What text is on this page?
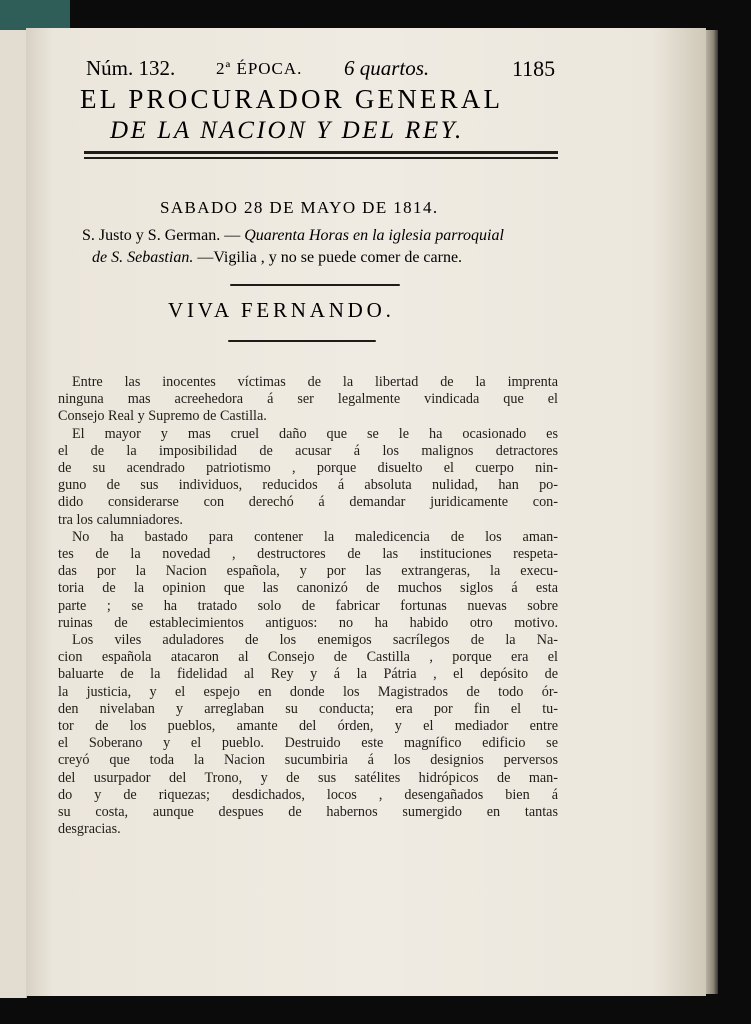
Núm. 132. 2ª ÉPOCA. 6 quartos.	1185
EL PROCURADOR GENERAL
DE LA NACION Y DEL REY.
SABADO 28 DE MAYO DE 1814.
S. Justo y S. German. — Quarenta Horas en la iglesia parroquial
de S. Sebastian. —Vigilia , y no se puede comer de carne.
VIVA FERNANDO.
Entre las inocentes víctimas de la libertad de la imprenta
ninguna mas acreehedora á ser legalmente vindicada que el
Consejo Real y Supremo de Castilla.
El mayor y mas cruel daño que se le ha ocasionado es
el de la imposibilidad de acusar á los malignos detractores
de su acendrado patriotismo , porque disuelto el cuerpo nin-
guno de sus individuos, reducidos á absoluta nulidad, han po-
dido considerarse con derechó á demandar juridicamente con-
tra los calumniadores.
No ha bastado para contener la maledicencia de los aman-
tes de la novedad , destructores de las instituciones respeta-
das por la Nacion española, y por las extrangeras, la execu-
toria de la opinion que las canonizó de muchos siglos á esta
parte ; se ha tratado solo de fabricar fortunas nuevas sobre
ruinas de establecimientos antiguos: no ha habido otro motivo.
Los viles aduladores de los enemigos sacrílegos de la Na-
cion española atacaron al Consejo de Castilla , porque era el
baluarte de la fidelidad al Rey y á la Pátria , el depósito de
la justicia, y el espejo en donde los Magistrados de todo ór-
den nivelaban y arreglaban su conducta; era por fin el tu-
tor de los pueblos, amante del órden, y el mediador entre
el Soberano y el pueblo. Destruido este magnífico edificio se
creyó que toda la Nacion sucumbiria á los designios perversos
del usurpador del Trono, y de sus satélites hidrópicos de man-
do y de riquezas; desdichados, locos , desengañados bien á
su costa, aunque despues de habernos sumergido en tantas
desgracias.
